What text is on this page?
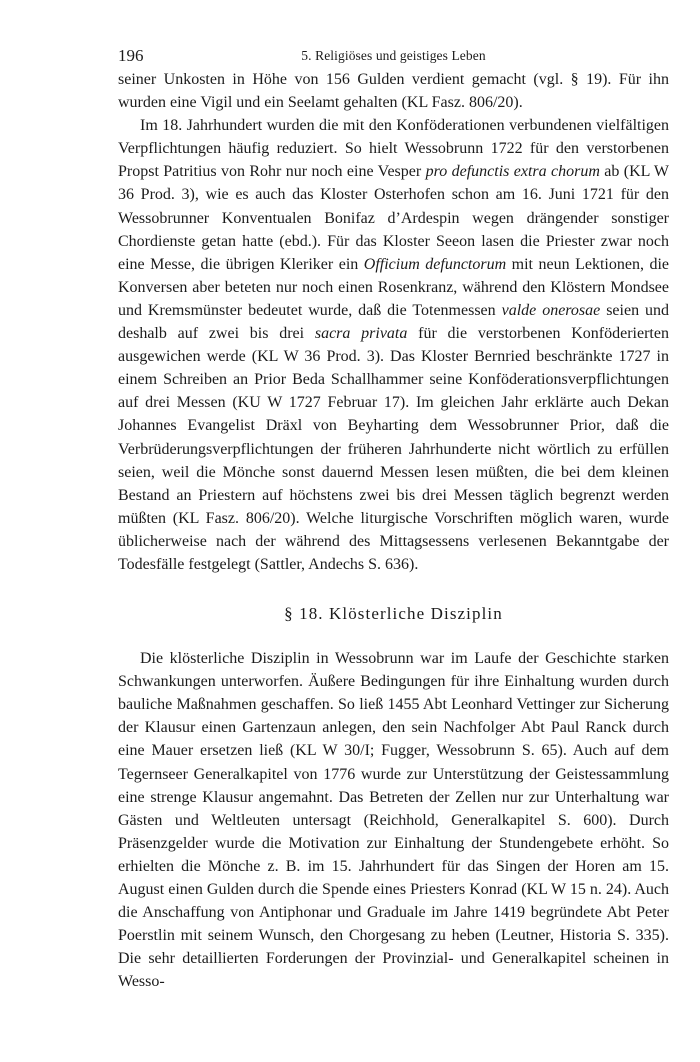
196	5. Religiöses und geistiges Leben

seiner Unkosten in Höhe von 156 Gulden verdient gemacht (vgl. § 19). Für ihn wurden eine Vigil und ein Seelamt gehalten (KL Fasz. 806/20).

Im 18. Jahrhundert wurden die mit den Konföderationen verbundenen vielfältigen Verpflichtungen häufig reduziert. So hielt Wessobrunn 1722 für den verstorbenen Propst Patritius von Rohr nur noch eine Vesper pro defunctis extra chorum ab (KL W 36 Prod. 3), wie es auch das Kloster Osterhofen schon am 16. Juni 1721 für den Wessobrunner Konventualen Bonifaz d’Ardespin wegen drängender sonstiger Chordienste getan hatte (ebd.). Für das Kloster Seeon lasen die Priester zwar noch eine Messe, die übrigen Kleriker ein Officium defunctorum mit neun Lektionen, die Konversen aber beteten nur noch einen Rosenkranz, während den Klöstern Mondsee und Kremsmünster bedeutet wurde, daß die Totenmessen valde onerosae seien und deshalb auf zwei bis drei sacra privata für die verstorbenen Konföderierten ausgewichen werde (KL W 36 Prod. 3). Das Kloster Bernried beschränkte 1727 in einem Schreiben an Prior Beda Schallhammer seine Konföderationsverpflichtungen auf drei Messen (KU W 1727 Februar 17). Im gleichen Jahr erklärte auch Dekan Johannes Evangelist Dräxl von Beyharting dem Wessobrunner Prior, daß die Verbrüderungsverpflichtungen der früheren Jahrhunderte nicht wörtlich zu erfüllen seien, weil die Mönche sonst dauernd Messen lesen müßten, die bei dem kleinen Bestand an Priestern auf höchstens zwei bis drei Messen täglich begrenzt werden müßten (KL Fasz. 806/20). Welche liturgische Vorschriften möglich waren, wurde üblicherweise nach der während des Mittagsessens verlesenen Bekanntgabe der Todesfälle festgelegt (Sattler, Andechs S. 636).

§ 18. Klösterliche Disziplin

Die klösterliche Disziplin in Wessobrunn war im Laufe der Geschichte starken Schwankungen unterworfen. Äußere Bedingungen für ihre Einhaltung wurden durch bauliche Maßnahmen geschaffen. So ließ 1455 Abt Leonhard Vettinger zur Sicherung der Klausur einen Gartenzaun anlegen, den sein Nachfolger Abt Paul Ranck durch eine Mauer ersetzen ließ (KL W 30/I; Fugger, Wessobrunn S. 65). Auch auf dem Tegernseer Generalkapitel von 1776 wurde zur Unterstützung der Geistessammlung eine strenge Klausur angemahnt. Das Betreten der Zellen nur zur Unterhaltung war Gästen und Weltleuten untersagt (Reichhold, Generalkapitel S. 600). Durch Präsenzgelder wurde die Motivation zur Einhaltung der Stundengebete erhöht. So erhielten die Mönche z. B. im 15. Jahrhundert für das Singen der Horen am 15. August einen Gulden durch die Spende eines Priesters Konrad (KL W 15 n. 24). Auch die Anschaffung von Antiphonar und Graduale im Jahre 1419 begründete Abt Peter Poerstlin mit seinem Wunsch, den Chorgesang zu heben (Leutner, Historia S. 335). Die sehr detaillierten Forderungen der Provinzial- und Generalkapitel scheinen in Wesso-
